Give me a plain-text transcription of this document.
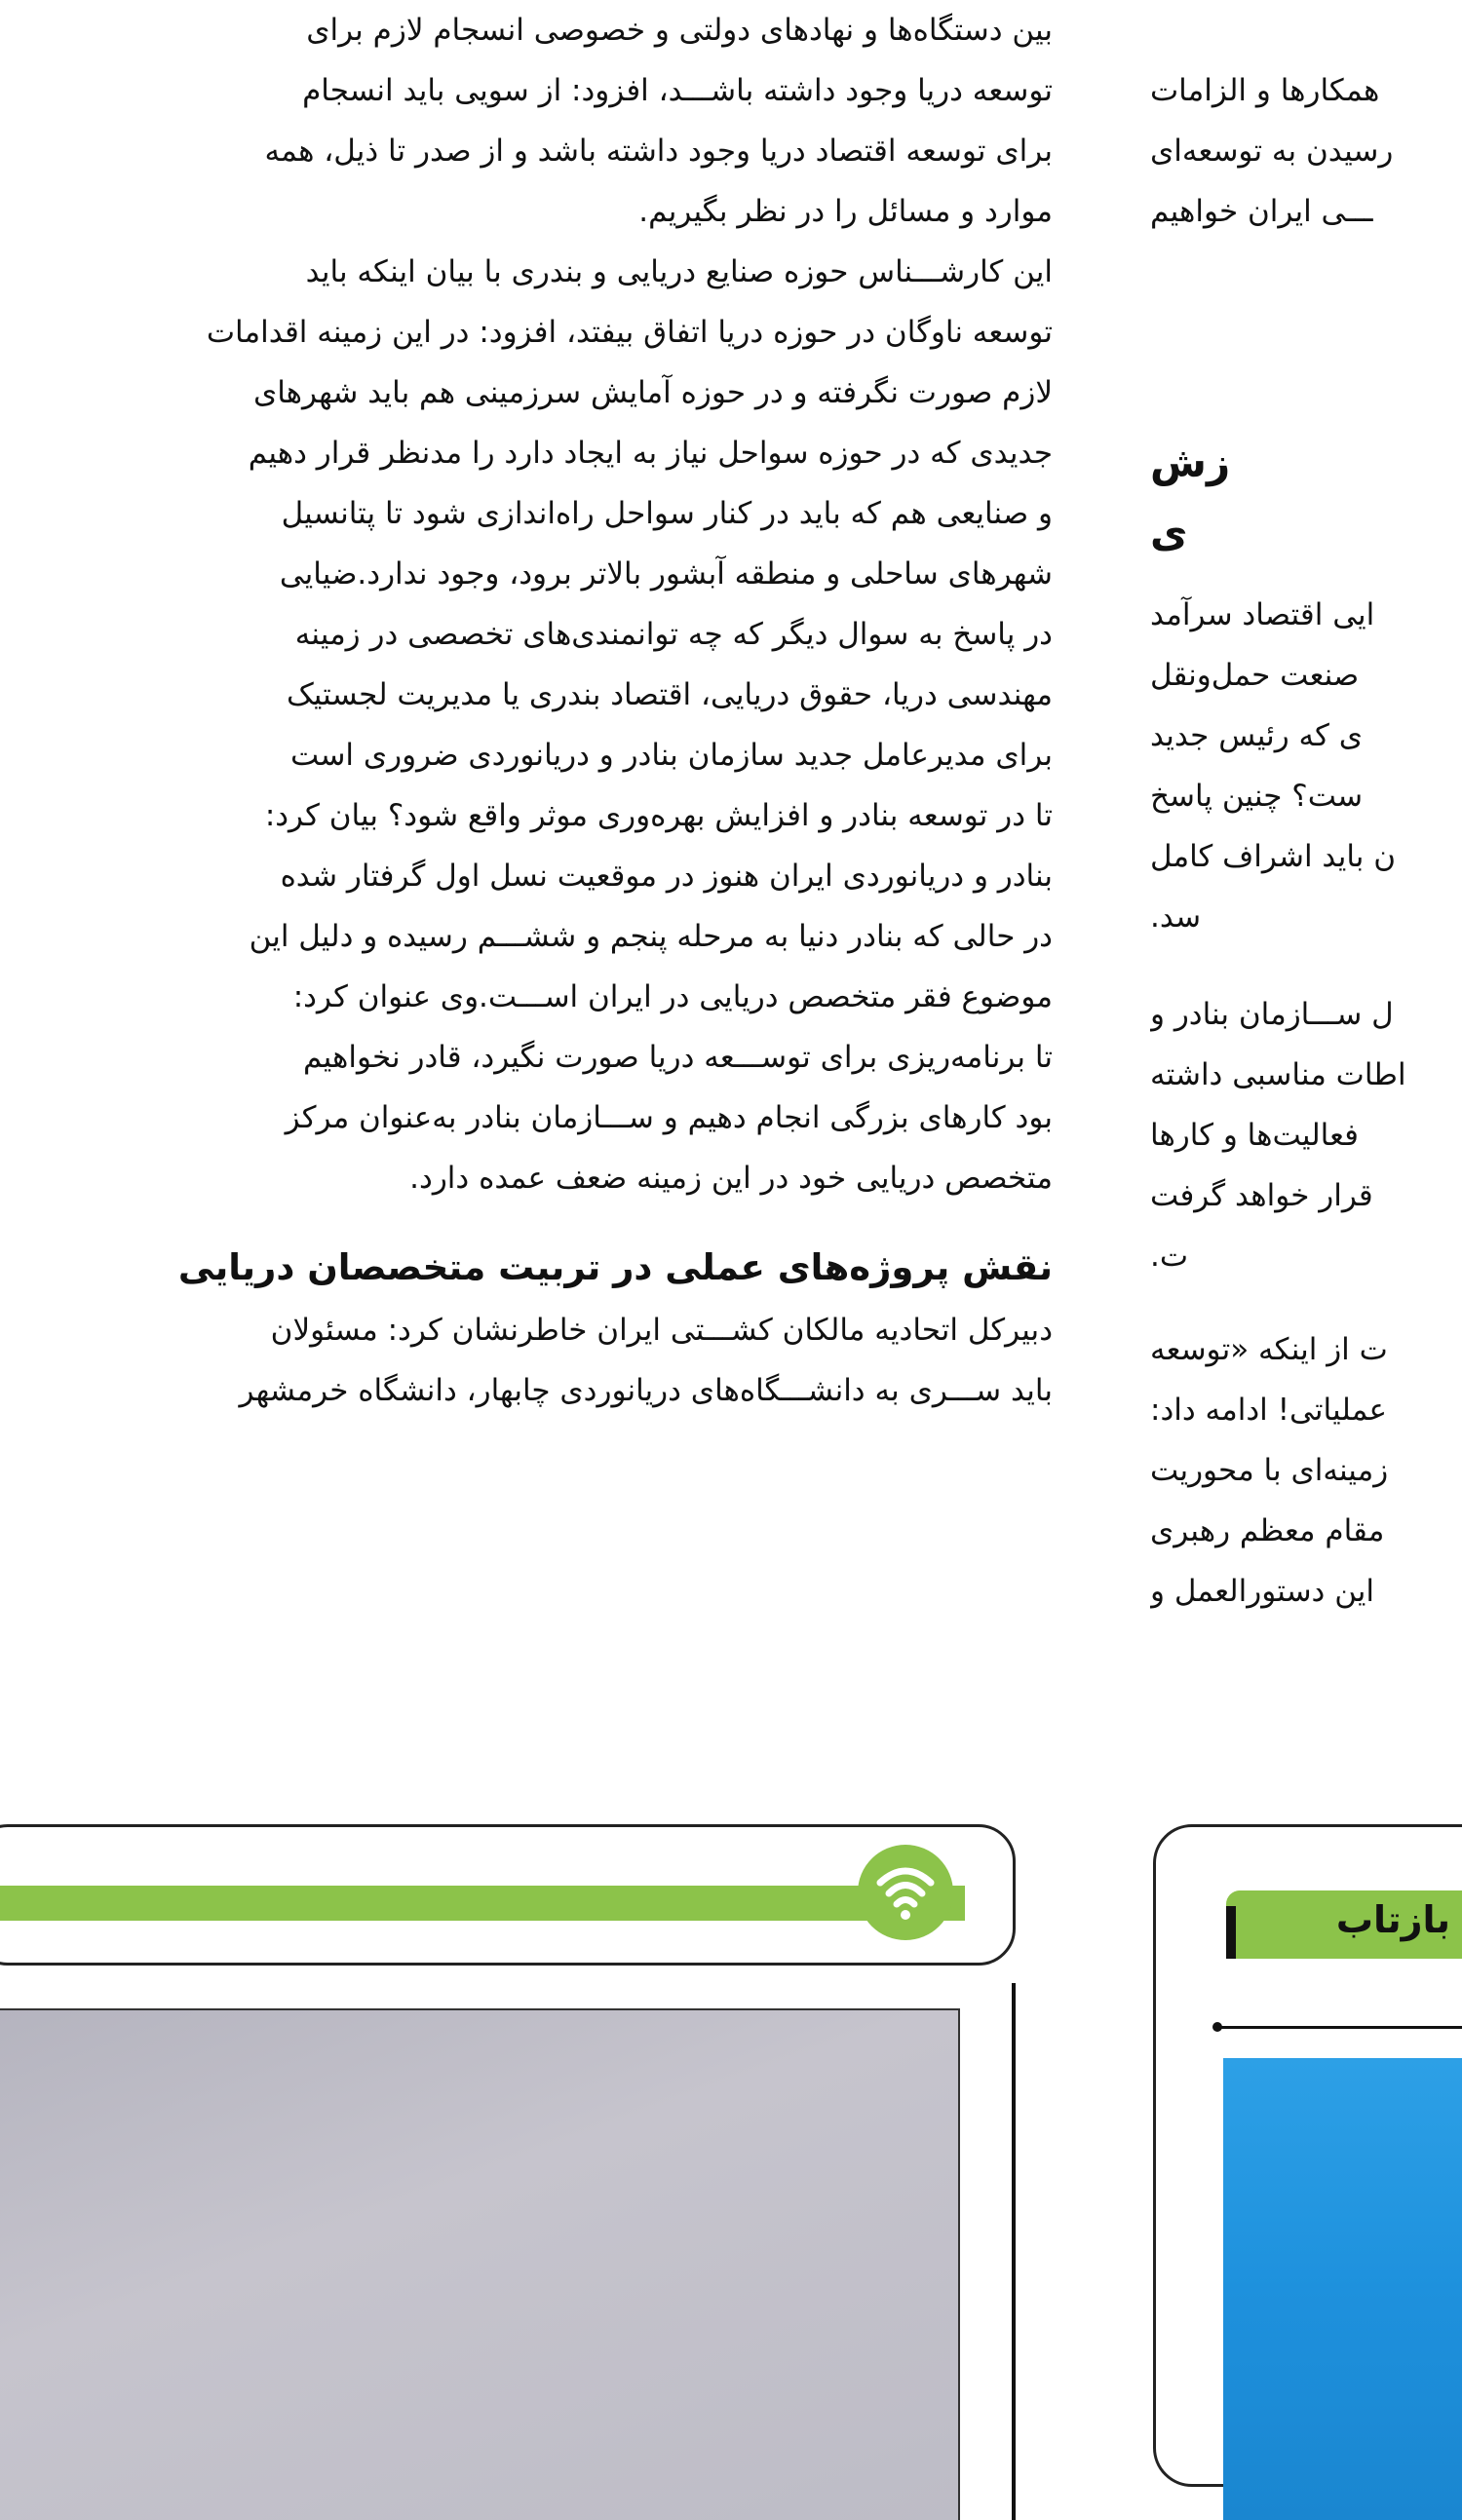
بین دستگاه‌ها و نهادهای دولتی و خصوصی انسجام لازم برای
توسعه دریا وجود داشته باشـــد، افزود: از سویی باید انسجام
برای توسعه اقتصاد دریا وجود داشته باشد و از صدر تا ذیل، همه
موارد و مسائل را در نظر بگیریم.
این کارشـــناس حوزه صنایع دریایی و بندری با بیان اینکه باید
توسعه ناوگان در حوزه دریا اتفاق بیفتد، افزود: در این زمینه اقدامات
لازم صورت نگرفته و در حوزه آمایش سرزمینی هم باید شهرهای
جدیدی که در حوزه سواحل نیاز به ایجاد دارد را مدنظر قرار دهیم
و صنایعی هم که باید در کنار سواحل راه‌اندازی شود تا پتانسیل
شهرهای ساحلی و منطقه آبشور بالاتر برود، وجود ندارد.ضیایی
در پاسخ به سوال دیگر که چه توانمندی‌های تخصصی در زمینه
مهندسی دریا، حقوق دریایی، اقتصاد بندری یا مدیریت لجستیک
برای مدیرعامل جدید سازمان بنادر و دریانوردی ضروری است
تا در توسعه بنادر و افزایش بهره‌وری موثر واقع شود؟ بیان کرد:
بنادر و دریانوردی ایران هنوز در موقعیت نسل اول گرفتار شده
در حالی که بنادر دنیا به مرحله پنجم و ششـــم رسیده و دلیل این
موضوع فقر متخصص دریایی در ایران اســـت.وی عنوان کرد:
تا برنامه‌ریزی برای توســـعه دریا صورت نگیرد، قادر نخواهیم
بود کارهای بزرگی انجام دهیم و ســـازمان بنادر به‌عنوان مرکز
متخصص دریایی خود در این زمینه ضعف عمده دارد.
نقش پروژه‌های عملی در تربیت متخصصان دریایی
دبیرکل اتحادیه مالکان کشـــتی ایران خاطرنشان کرد: مسئولان
باید ســـری به دانشـــگاه‌های دریانوردی چابهار، دانشگاه خرمشهر
همکارها و الزامات
رسیدن به توسعه‌ای
ـــی ایران خواهیم
زش
ی
ایی اقتصاد سرآمد
صنعت حمل‌ونقل
ی که رئیس جدید
ست؟ چنین پاسخ
ن باید اشراف کامل
سد.
ل ســـازمان بنادر و
اطات مناسبی داشته
فعالیت‌ها و کارها
قرار خواهد گرفت
ت.
ت از اینکه «توسعه
عملیاتی! ادامه داد:
زمینه‌ای با محوریت
مقام معظم رهبری
این دستورالعمل و
بازتاب
